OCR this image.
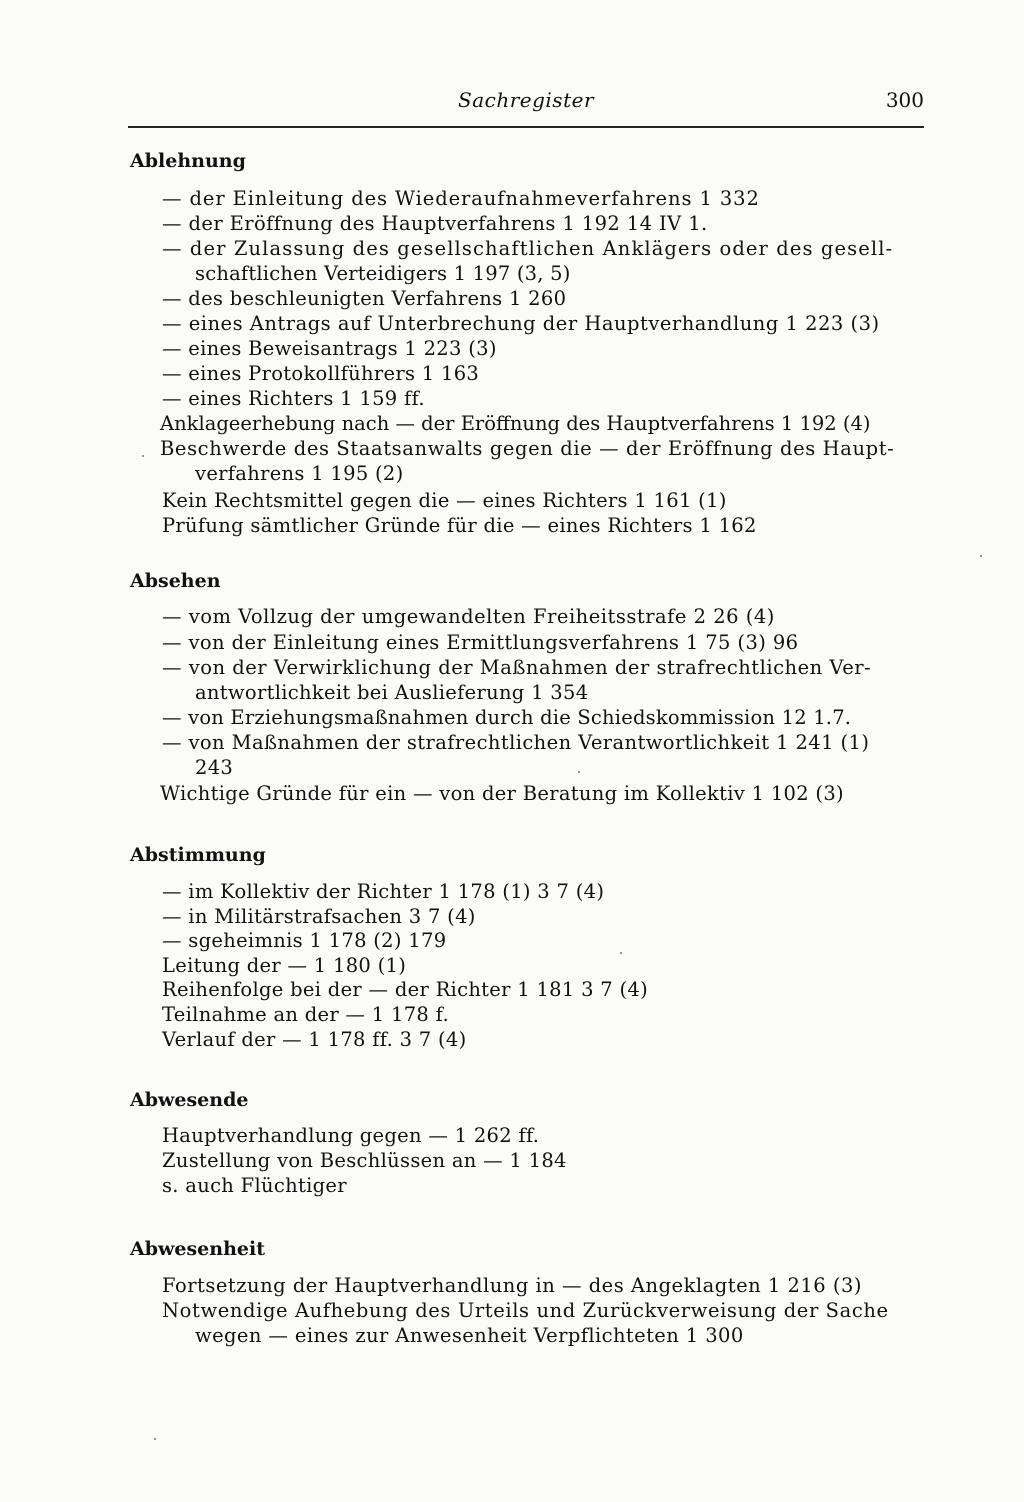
Sachregister	300
Ablehnung
— der Einleitung des Wiederaufnahmeverfahrens 1 332
— der Eröffnung des Hauptverfahrens 1 192 14 IV 1.
— der Zulassung des gesellschaftlichen Anklägers oder des gesell-
schaftlichen Verteidigers 1 197 (3, 5)
— des beschleunigten Verfahrens 1 260
— eines Antrags auf Unterbrechung der Hauptverhandlung 1 223 (3)
— eines Beweisantrags 1 223 (3)
— eines Protokollführers 1 163
— eines Richters 1 159 ff.
Anklageerhebung nach — der Eröffnung des Hauptverfahrens 1 192 (4)
Beschwerde des Staatsanwalts gegen die — der Eröffnung des Haupt-
verfahrens 1 195 (2)
Kein Rechtsmittel gegen die — eines Richters 1 161 (1)
Prüfung sämtlicher Gründe für die — eines Richters 1 162
Absehen
— vom Vollzug der umgewandelten Freiheitsstrafe 2 26 (4)
— von der Einleitung eines Ermittlungsverfahrens 1 75 (3) 96
— von der Verwirklichung der Maßnahmen der strafrechtlichen Ver-
antwortlichkeit bei Auslieferung 1 354
— von Erziehungsmaßnahmen durch die Schiedskommission 12 1.7.
— von Maßnahmen der strafrechtlichen Verantwortlichkeit 1 241 (1)
243
Wichtige Gründe für ein — von der Beratung im Kollektiv 1 102 (3)
Abstimmung
— im Kollektiv der Richter 1 178 (1) 3 7 (4)
— in Militärstrafsachen 3 7 (4)
— sgeheimnis 1 178 (2) 179
Leitung der — 1 180 (1)
Reihenfolge bei der — der Richter 1 181 3 7 (4)
Teilnahme an der — 1 178 f.
Verlauf der — 1 178 ff. 3 7 (4)
Abwesende
Hauptverhandlung gegen — 1 262 ff.
Zustellung von Beschlüssen an — 1 184
s. auch Flüchtiger
Abwesenheit
Fortsetzung der Hauptverhandlung in — des Angeklagten 1 216 (3)
Notwendige Aufhebung des Urteils und Zurückverweisung der Sache
wegen — eines zur Anwesenheit Verpflichteten 1 300
